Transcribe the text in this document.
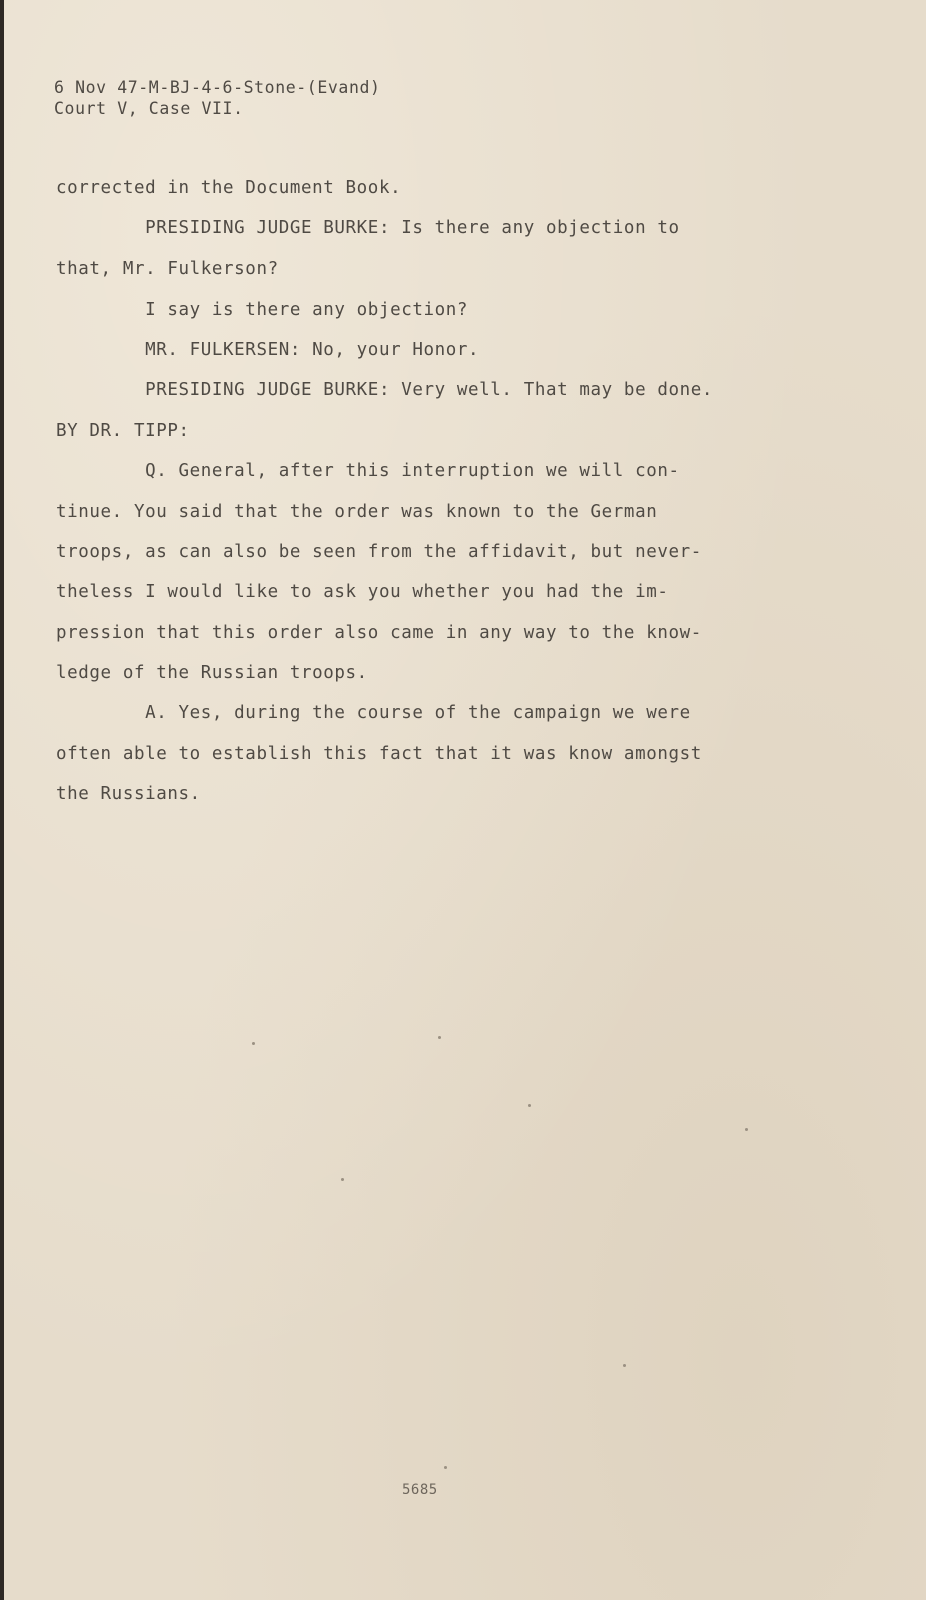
6 Nov 47-M-BJ-4-6-Stone-(Evand)
Court V, Case VII.
corrected in the Document Book.
PRESIDING JUDGE BURKE: Is there any objection to
that, Mr. Fulkerson?
I say is there any objection?
MR. FULKERSEN: No, your Honor.
PRESIDING JUDGE BURKE: Very well. That may be done.
BY DR. TIPP:
Q. General, after this interruption we will con-
tinue. You said that the order was known to the German
troops, as can also be seen from the affidavit, but never-
theless I would like to ask you whether you had the im-
pression that this order also came in any way to the know-
ledge of the Russian troops.
A. Yes, during the course of the campaign we were
often able to establish this fact that it was know amongst
the Russians.
5685
